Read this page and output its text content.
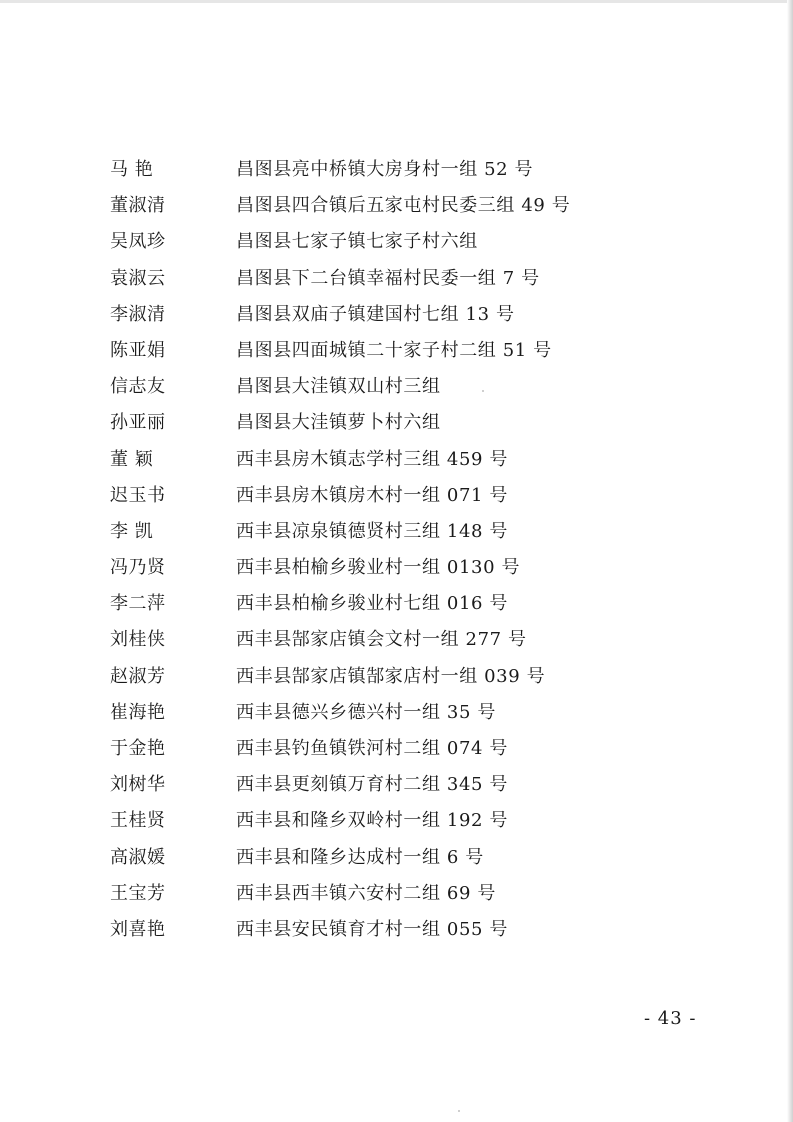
马 艳	昌图县亮中桥镇大房身村一组 52 号
董淑清	昌图县四合镇后五家屯村民委三组 49 号
吴凤珍	昌图县七家子镇七家子村六组
袁淑云	昌图县下二台镇幸福村民委一组 7 号
李淑清	昌图县双庙子镇建国村七组 13 号
陈亚娟	昌图县四面城镇二十家子村二组 51 号
信志友	昌图县大洼镇双山村三组
孙亚丽	昌图县大洼镇萝卜村六组
董 颖	西丰县房木镇志学村三组 459 号
迟玉书	西丰县房木镇房木村一组 071 号
李 凯	西丰县凉泉镇德贤村三组 148 号
冯乃贤	西丰县柏榆乡骏业村一组 0130 号
李二萍	西丰县柏榆乡骏业村七组 016 号
刘桂侠	西丰县郜家店镇会文村一组 277 号
赵淑芳	西丰县郜家店镇郜家店村一组 039 号
崔海艳	西丰县德兴乡德兴村一组 35 号
于金艳	西丰县钓鱼镇铁河村二组 074 号
刘树华	西丰县更刻镇万育村二组 345 号
王桂贤	西丰县和隆乡双岭村一组 192 号
高淑媛	西丰县和隆乡达成村一组 6 号
王宝芳	西丰县西丰镇六安村二组 69 号
刘喜艳	西丰县安民镇育才村一组 055 号
- 43 -
